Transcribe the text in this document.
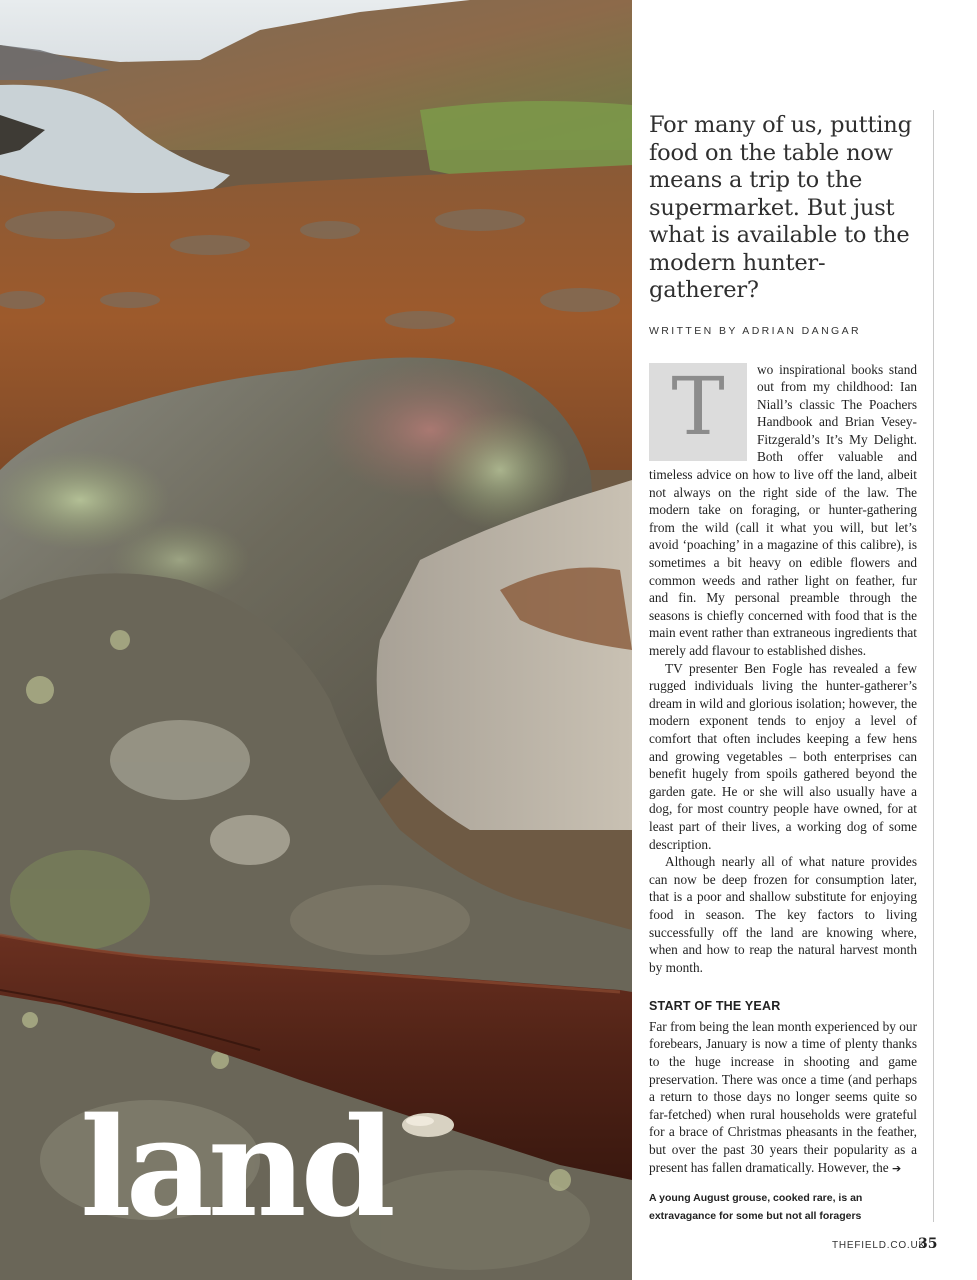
land

For many of us, putting food on the table now means a trip to the supermarket. But just what is available to the modern hunter-gatherer?

WRITTEN BY ADRIAN DANGAR

T	wo inspirational books stand out from my childhood: Ian Niall’s classic The Poachers Handbook and Brian Vesey-Fitzgerald’s It’s My Delight. Both offer valuable and timeless advice on how to live off the land, albeit not always on the right side of the law. The modern take on foraging, or hunter-gathering from the wild (call it what you will, but let’s avoid ‘poaching’ in a magazine of this calibre), is sometimes a bit heavy on edible flowers and common weeds and rather light on feather, fur and fin. My personal preamble through the seasons is chiefly concerned with food that is the main event rather than extraneous ingredients that merely add flavour to established dishes.

TV presenter Ben Fogle has revealed a few rugged individuals living the hunter-gatherer’s dream in wild and glorious isolation; however, the modern exponent tends to enjoy a level of comfort that often includes keeping a few hens and growing vegetables – both enterprises can benefit hugely from spoils gathered beyond the garden gate. He or she will also usually have a dog, for most country people have owned, for at least part of their lives, a working dog of some description.

Although nearly all of what nature provides can now be deep frozen for consumption later, that is a poor and shallow substitute for enjoying food in season. The key factors to living successfully off the land are knowing where, when and how to reap the natural harvest month by month.

START OF THE YEAR

Far from being the lean month experienced by our forebears, January is now a time of plenty thanks to the huge increase in shooting and game preservation. There was once a time (and perhaps a return to those days no longer seems quite so far-fetched) when rural households were grateful for a brace of Christmas pheasants in the feather, but over the past 30 years their popularity as a present has fallen dramatically. However, the ➔

A young August grouse, cooked rare, is an extravagance for some but not all foragers
THEFIELD.CO.UK
35
